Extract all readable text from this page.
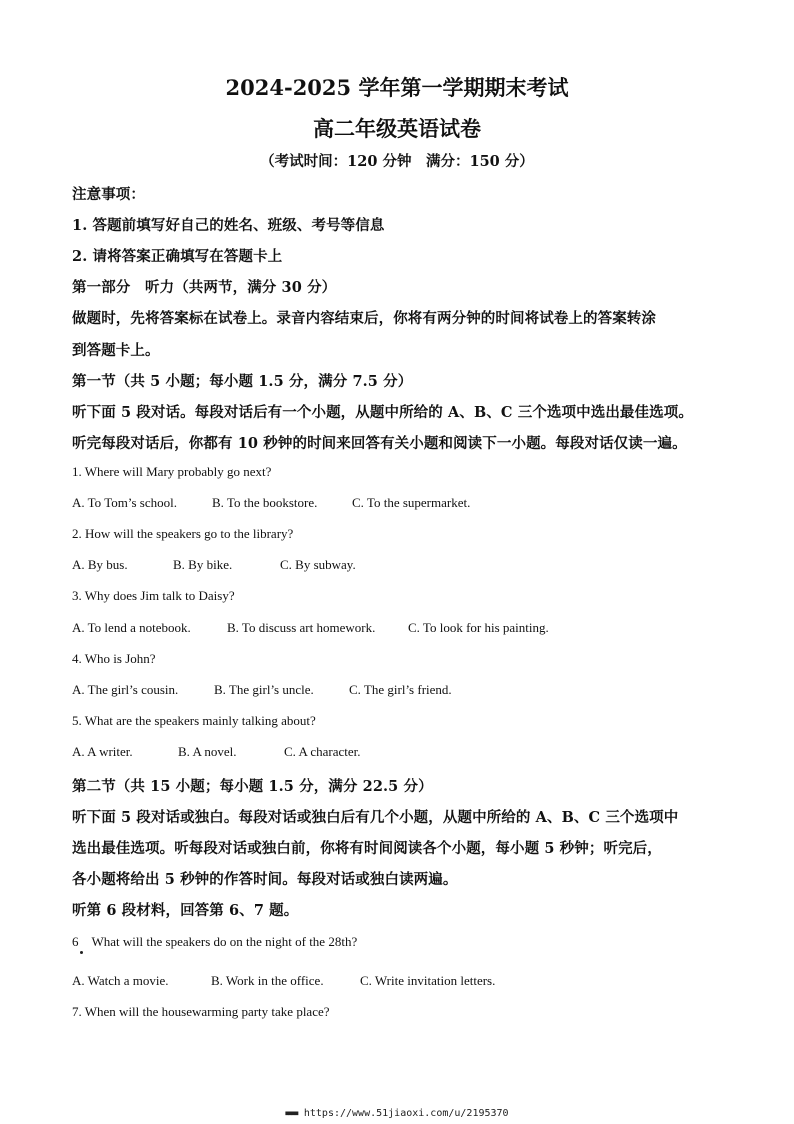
2024-2025 学年第一学期期末考试
高二年级英语试卷
（考试时间：120 分钟　满分：150 分）
注意事项：
1. 答题前填写好自己的姓名、班级、考号等信息
2. 请将答案正确填写在答题卡上
第一部分　听力（共两节，满分 30 分）
做题时，先将答案标在试卷上。录音内容结束后，你将有两分钟的时间将试卷上的答案转涂
到答题卡上。
第一节（共 5 小题；每小题 1.5 分，满分 7.5 分）
听下面 5 段对话。每段对话后有一个小题，从题中所给的 A、B、C 三个选项中选出最佳选项。
听完每段对话后，你都有 10 秒钟的时间来回答有关小题和阅读下一小题。每段对话仅读一遍。
1. Where will Mary probably go next?
A. To Tom’s school.	B. To the bookstore.	C. To the supermarket.
2. How will the speakers go to the library?
A. By bus.	B. By bike.	C. By subway.
3. Why does Jim talk to Daisy?
A. To lend a notebook.	B. To discuss art homework.	C. To look for his painting.
4. Who is John?
A. The girl’s cousin.	B. The girl’s uncle.	C. The girl’s friend.
5. What are the speakers mainly talking about?
A. A writer.	B. A novel.	C. A character.
第二节（共 15 小题；每小题 1.5 分，满分 22.5 分）
听下面 5 段对话或独白。每段对话或独白后有几个小题，从题中所给的 A、B、C 三个选项中
选出最佳选项。听每段对话或独白前，你将有时间阅读各个小题，每小题 5 秒钟；听完后，
各小题将给出 5 秒钟的作答时间。每段对话或独白读两遍。
听第 6 段材料，回答第 6、7 题。
6　What will the speakers do on the night of the 28th?
A. Watch a movie.	B. Work in the office.	C. Write invitation letters.
7. When will the housewarming party take place?
■■■■ https://www.51jiaoxi.com/u/2195370
